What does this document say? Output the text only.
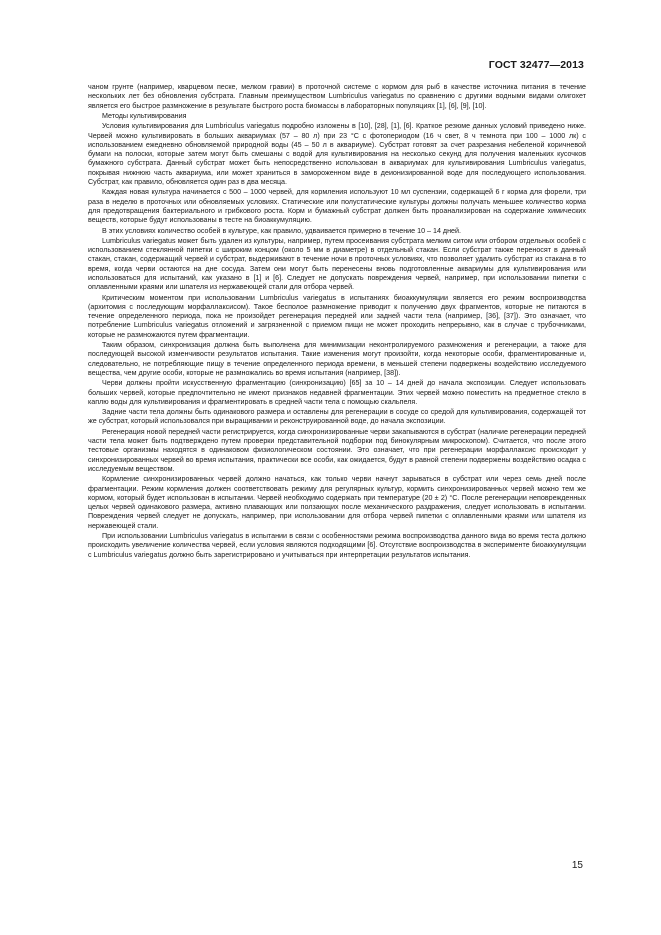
ГОСТ 32477—2013

чаном грунте (например, кварцевом песке, мелком гравии) в проточной системе с кормом для рыб в качестве источника питания в течение нескольких лет без обновления субстрата. Главным преимуществом Lumbriculus variegatus по сравнению с другими водными видами олигохет является его быстрое размножение в результате быстрого роста биомассы в лабораторных популяциях [1], [6], [9], [10].

Методы культивирования

Условия культивирования для Lumbriculus variegatus подробно изложены в [10], [28], [1], [6]. Краткое резюме данных условий приведено ниже. Червей можно культивировать в больших аквариумах (57 – 80 л) при 23 °С с фотопериодом (16 ч свет, 8 ч темнота при 100 – 1000 лк) с использованием ежедневно обновляемой природной воды (45 – 50 л в аквариуме). Субстрат готовят за счет разрезания небеленой коричневой бумаги на полоски, которые затем могут быть смешаны с водой для культивирования на несколько секунд для получения маленьких кусочков бумажного субстрата. Данный субстрат может быть непосредственно использован в аквариумах для культивирования Lumbriculus variegatus, покрывая нижнюю часть аквариума, или может храниться в замороженном виде в деионизированной воде для последующего использования. Субстрат, как правило, обновляется один раз в два месяца.

Каждая новая культура начинается с 500 – 1000 червей, для кормления используют 10 мл суспензии, содержащей 6 г корма для форели, три раза в неделю в проточных или обновляемых условиях. Статические или полустатические культуры должны получать меньшее количество корма для предотвращения бактериального и грибкового роста. Корм и бумажный субстрат должен быть проанализирован на содержание химических веществ, которые будут использованы в тесте на биоаккумуляцию.

В этих условиях количество особей в культуре, как правило, удваивается примерно в течение 10 – 14 дней.

Lumbriculus variegatus может быть удален из культуры, например, путем просеивания субстрата мелким ситом или отбором отдельных особей с использованием стеклянной пипетки с широким концом (около 5 мм в диаметре) в отдельный стакан. Если субстрат также переносят в данный стакан, стакан, содержащий червей и субстрат, выдерживают в течение ночи в проточных условиях, что позволяет удалить субстрат из стакана в то время, когда черви остаются на дне сосуда. Затем они могут быть перенесены вновь подготовленные аквариумы для культивирования или использоваться для испытаний, как указано в [1] и [6]. Следует не допускать повреждения червей, например, при использовании пипетки с оплавленными краями или шпателя из нержавеющей стали для отбора червей.

Критическим моментом при использовании Lumbriculus variegatus в испытаниях биоаккумуляции является его режим воспроизводства (архитомия с последующим морфаллаксисом). Такое бесполое размножение приводит к получению двух фрагментов, которые не питаются в течение определенного периода, пока не произойдет регенерация передней или задней части тела (например, [36], [37]). Это означает, что потребление Lumbriculus variegatus отложений и загрязненной с приемом пищи не может проходить непрерывно, как в случае с трубочниками, которые не размножаются путем фрагментации.

Таким образом, синхронизация должна быть выполнена для минимизации неконтролируемого размножения и регенерации, а также для последующей высокой изменчивости результатов испытания. Такие изменения могут произойти, когда некоторые особи, фрагментированные и, следовательно, не потребляющие пищу в течение определенного периода времени, в меньшей степени подвержены воздействию исследуемого вещества, чем другие особи, которые не размножались во время испытания (например, [38]).

Черви должны пройти искусственную фрагментацию (синхронизацию) [65] за 10 – 14 дней до начала экспозиции. Следует использовать больших червей, которые предпочтительно не имеют признаков недавней фрагментации. Этих червей можно поместить на предметное стекло в каплю воды для культивирования и фрагментировать в средней части тела с помощью скальпеля.

Задние части тела должны быть одинакового размера и оставлены для регенерации в сосуде со средой для культивирования, содержащей тот же субстрат, который использовался при выращивании и реконструированной воде, до начала экспозиции.

Регенерация новой передней части регистрируется, когда синхронизированные черви закапываются в субстрат (наличие регенерации передней части тела может быть подтверждено путем проверки представительной подборки под бинокулярным микроскопом). Считается, что после этого тестовые организмы находятся в одинаковом физиологическом состоянии. Это означает, что при регенерации морфаллаксис происходит у синхронизированных червей во время испытания, практически все особи, как ожидается, будут в равной степени подвержены воздействию осадка с исследуемым веществом.

Кормление синхронизированных червей должно начаться, как только черви начнут зарываться в субстрат или через семь дней после фрагментации. Режим кормления должен соответствовать режиму для регулярных культур, кормить синхронизированных червей можно тем же кормом, который будет использован в испытании. Червей необходимо содержать при температуре (20 ± 2) °С. После регенерации неповрежденных целых червей одинакового размера, активно плавающих или ползающих после механического раздражения, следует использовать в испытании. Повреждения червей следует не допускать, например, при использовании для отбора червей пипетки с оплавленными краями или шпателя из нержавеющей стали.

При использовании Lumbriculus variegatus в испытании в связи с особенностями режима воспроизводства данного вида во время теста должно происходить увеличение количества червей, если условия являются подходящими [6]. Отсутствие воспроизводства в эксперименте биоаккумуляции с Lumbriculus variegatus должно быть зарегистрировано и учитываться при интерпретации результатов испытания.

15
